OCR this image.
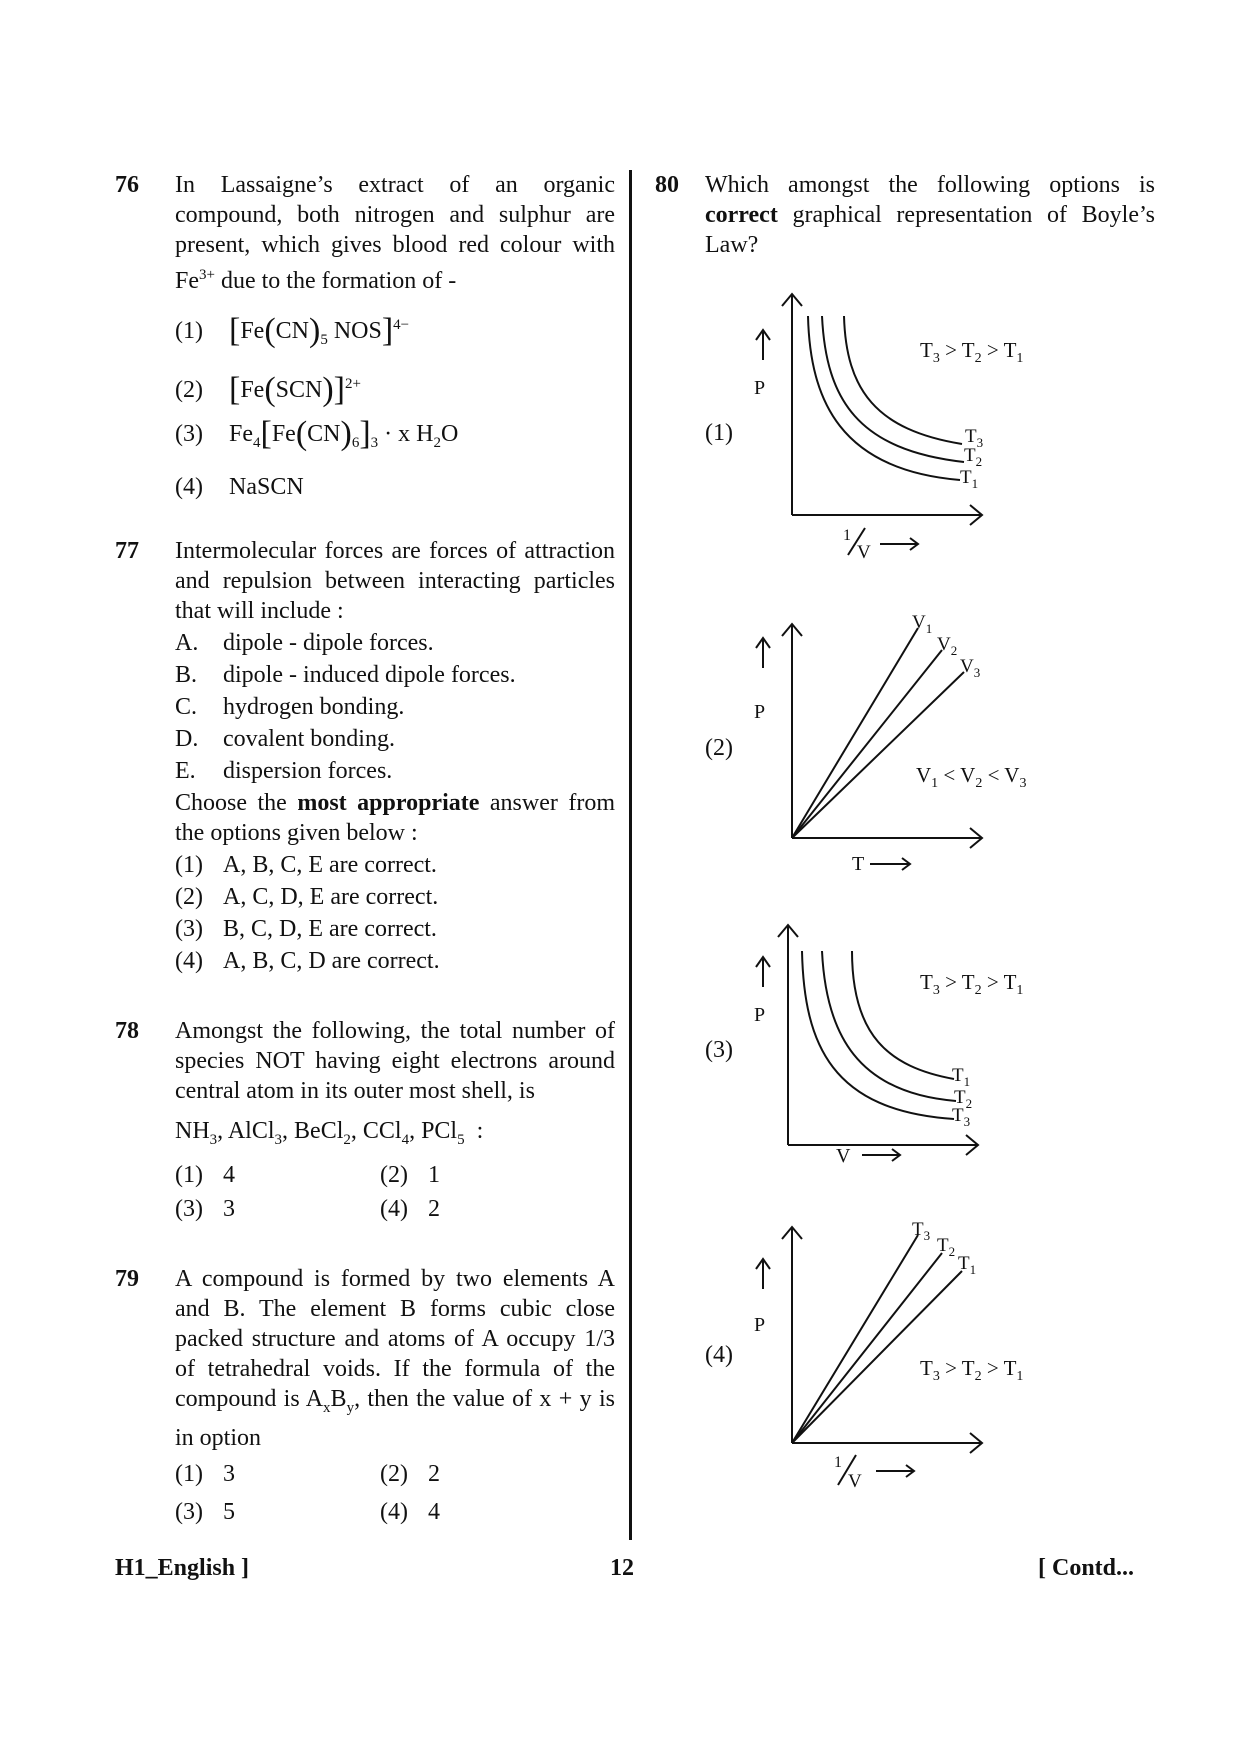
76 In Lassaigne’s extract of an organic compound, both nitrogen and sulphur are present, which gives blood red colour with $Fe^{3+}$ due to the formation of -
(1) [$Fe(CN)_5$ NOS]$^{4-}$
(2) $[Fe(SCN)]^{2+}$
(3) $Fe_4[Fe(CN)_6]_3 \cdot x$ $H_2O$
(4) NaSCN
77 Intermolecular forces are forces of attraction and repulsion between interacting particles that will include :
A. dipole - dipole forces.
B. dipole - induced dipole forces.
C. hydrogen bonding.
D. covalent bonding.
E. dispersion forces.
Choose the most appropriate answer from the options given below :
(1) A, B, C, E are correct.
(2) A, C, D, E are correct.
(3) B, C, D, E are correct.
(4) A, B, C, D are correct.
78 Amongst the following, the total number of species NOT having eight electrons around central atom in its outer most shell, is
$NH_3$, AlCl$_3$, BeCl$_2$, CCl$_4$, PCl$_5$  :
(1) 4	(2) 1
(3) 3	(4) 2
79 A compound is formed by two elements A and B. The element B forms cubic close packed structure and atoms of A occupy 1/3 of tetrahedral voids. If the formula of the compound is $A_xB_y$, then the value of x + y is in option
(1) 3	(2) 2
(3) 5	(4) 4
80 Which amongst the following options is correct graphical representation of Boyle’s Law?
(1)
(2)
(3)
(4)
P
$T_3 > T_2 > T_1$
$T_3$
$T_2$
$T_1$
1
V
P
$V_1$
$V_2$
$V_3$
$V_1 < V_2 < V_3$
T
P
$T_3 > T_2 > T_1$
$T_1$
$T_2$
$T_3$
V
P
$T_3$ $T_2$
$T_1$
$T_3 > T_2 > T_1$
1
V
H1_English ]	12	[ Contd...
